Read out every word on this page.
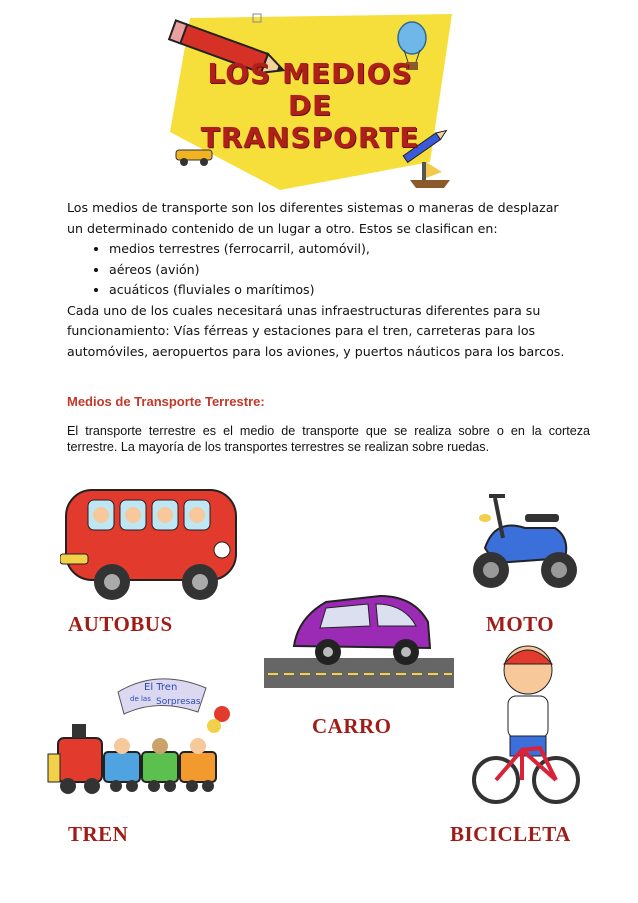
LOS MEDIOS
DE
TRANSPORTE

Los medios de transporte son los diferentes sistemas o maneras de desplazar

un determinado contenido de un lugar a otro. Estos se clasifican en:

• medios terrestres (ferrocarril, automóvil),
• aéreos (avión)
• acuáticos (fluviales o marítimos)

Cada uno de los cuales necesitará unas infraestructuras diferentes para su

funcionamiento: Vías férreas y estaciones para el tren, carreteras para los

automóviles, aeropuertos para los aviones, y puertos náuticos para los barcos.

Medios de Transporte Terrestre:
El transporte terrestre es el medio de transporte que se realiza sobre o en la corteza terrestre. La mayoría de los transportes terrestres se realizan sobre ruedas.
AUTOBUS	MOTO
CARRO
El Tren
de las Sorpresas
TREN	BICICLETA
